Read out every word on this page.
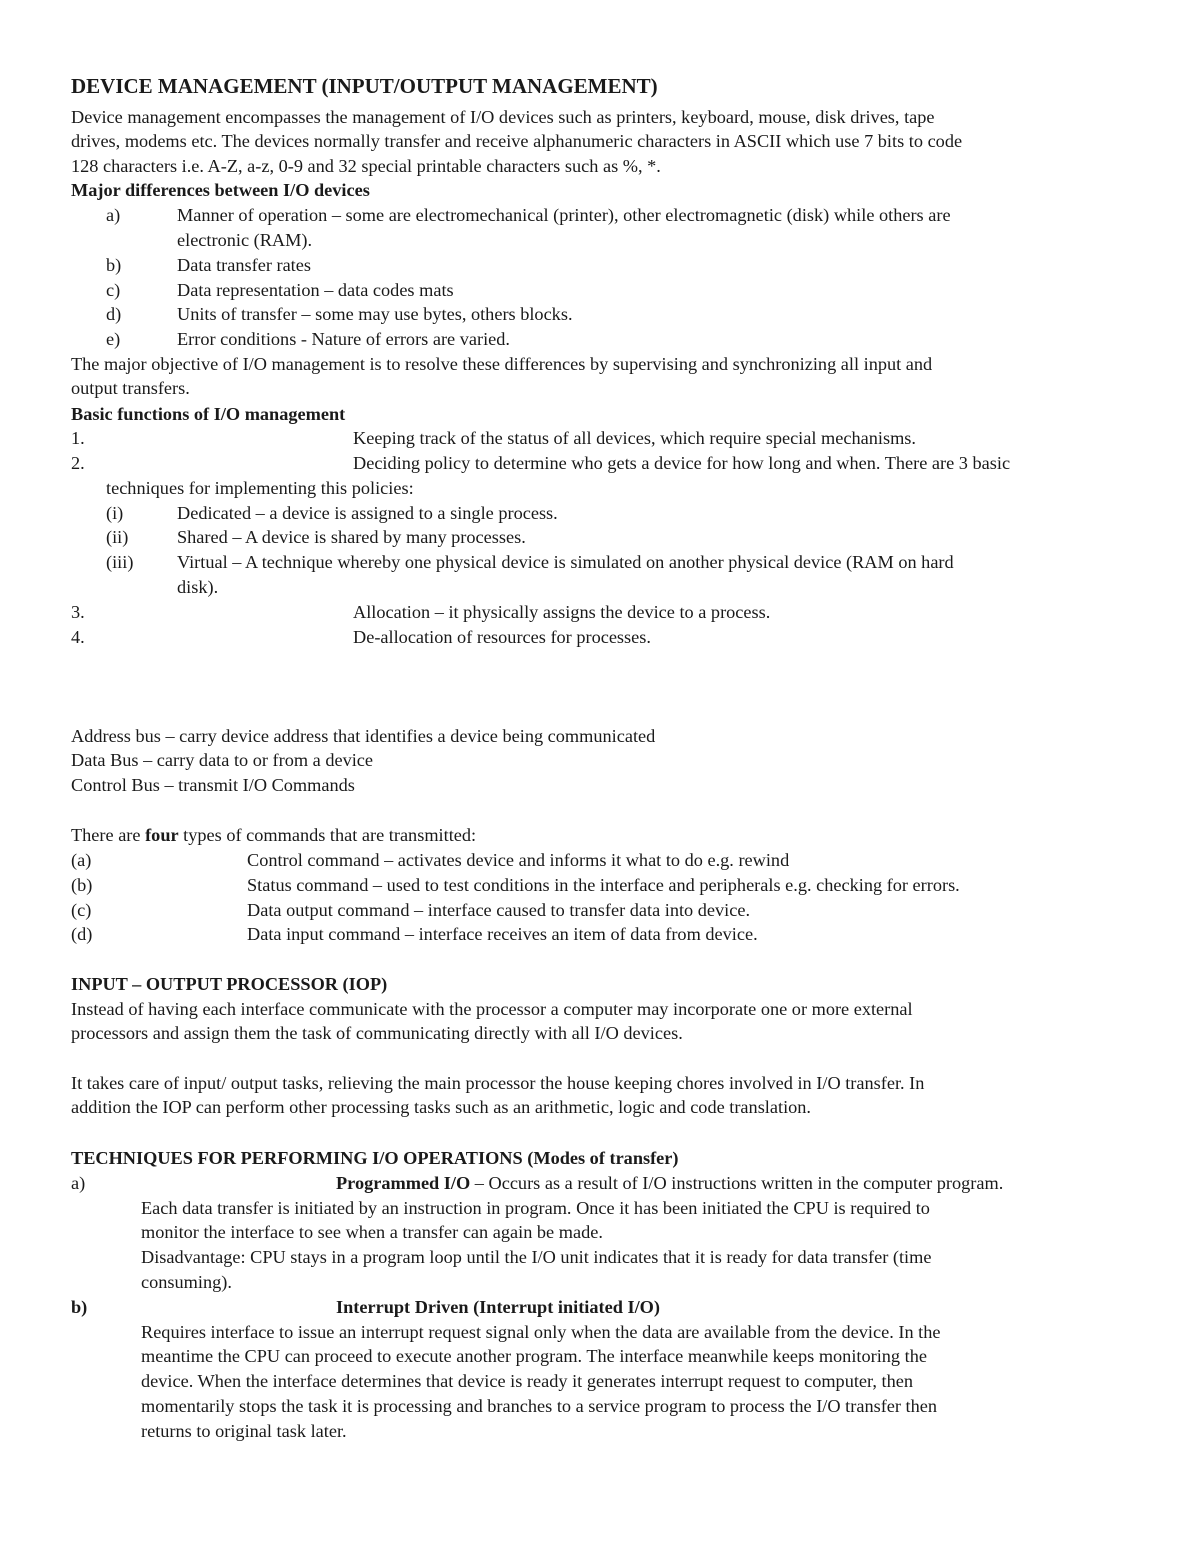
DEVICE MANAGEMENT (INPUT/OUTPUT MANAGEMENT)
Device management encompasses the management of I/O devices such as printers, keyboard, mouse, disk drives, tape
drives, modems etc. The devices normally transfer and receive alphanumeric characters in ASCII which use 7 bits to code
128 characters i.e. A-Z, a-z, 0-9 and 32 special printable characters such as %, *.
Major differences between I/O devices
a)	Manner of operation – some are electromechanical (printer), other electromagnetic (disk) while others are
electronic (RAM).
b)	Data transfer rates
c)	Data representation – data codes mats
d)	Units of transfer – some may use bytes, others blocks.
e)	Error conditions - Nature of errors are varied.
The major objective of I/O management is to resolve these differences by supervising and synchronizing all input and
output transfers.
Basic functions of I/O management
1.	Keeping track of the status of all devices, which require special mechanisms.
2.	Deciding policy to determine who gets a device for how long and when. There are 3 basic
techniques for implementing this policies:
(i)	Dedicated – a device is assigned to a single process.
(ii)	Shared – A device is shared by many processes.
(iii) Virtual – A technique whereby one physical device is simulated on another physical device (RAM on hard
disk).
3.	Allocation – it physically assigns the device to a process.
4.	De-allocation of resources for processes.
Address bus – carry device address that identifies a device being communicated
Data Bus – carry data to or from a device
Control Bus – transmit I/O Commands
There are four types of commands that are transmitted:
(a)	Control command – activates device and informs it what to do e.g. rewind
(b)	Status command – used to test conditions in the interface and peripherals e.g. checking for errors.
(c)	Data output command – interface caused to transfer data into device.
(d)	Data input command – interface receives an item of data from device.
INPUT – OUTPUT PROCESSOR (IOP)
Instead of having each interface communicate with the processor a computer may incorporate one or more external
processors and assign them the task of communicating directly with all I/O devices.
It takes care of input/ output tasks, relieving the main processor the house keeping chores involved in I/O transfer. In
addition the IOP can perform other processing tasks such as an arithmetic, logic and code translation.
TECHNIQUES FOR PERFORMING I/O OPERATIONS (Modes of transfer)
a)	Programmed I/O – Occurs as a result of I/O instructions written in the computer program.
Each data transfer is initiated by an instruction in program. Once it has been initiated the CPU is required to
monitor the interface to see when a transfer can again be made.
Disadvantage: CPU stays in a program loop until the I/O unit indicates that it is ready for data transfer (time
consuming).
b)	Interrupt Driven (Interrupt initiated I/O)
Requires interface to issue an interrupt request signal only when the data are available from the device. In the
meantime the CPU can proceed to execute another program. The interface meanwhile keeps monitoring the
device. When the interface determines that device is ready it generates interrupt request to computer, then
momentarily stops the task it is processing and branches to a service program to process the I/O transfer then
returns to original task later.
